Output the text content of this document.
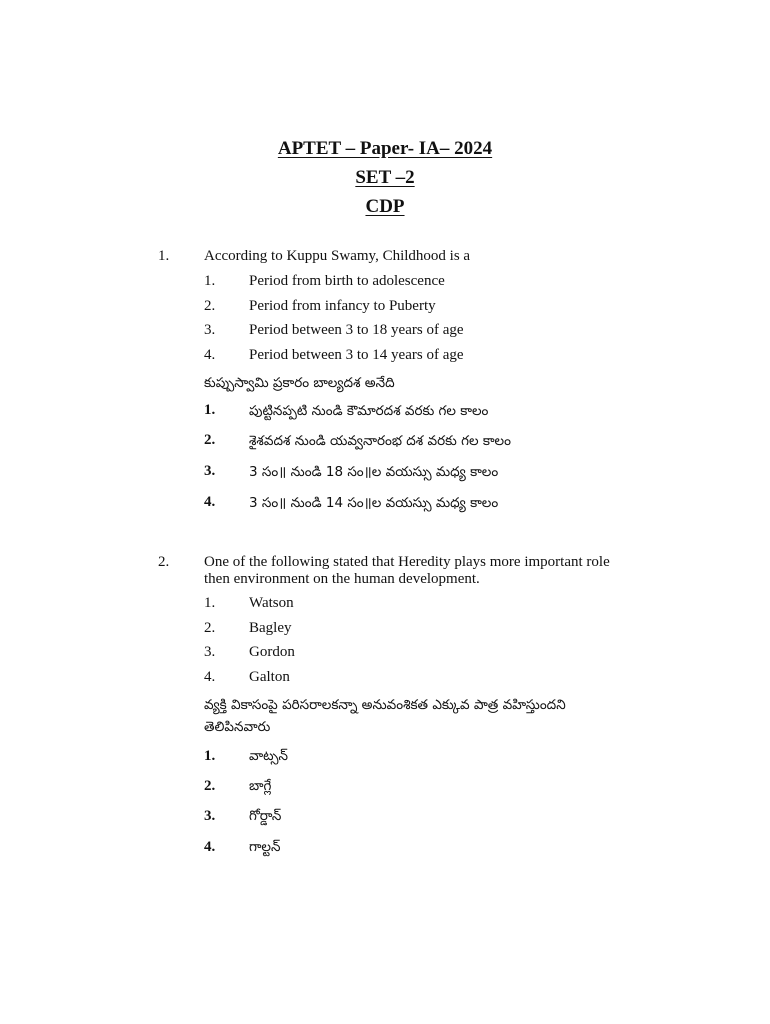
APTET – Paper- IA– 2024
SET –2
CDP
1. According to Kuppu Swamy, Childhood is a
1. Period from birth to adolescence
2. Period from infancy to Puberty
3. Period between 3 to 18 years of age
4. Period between 3 to 14 years of age
కుప్పుస్వామి ప్రకారం బాల్యదశ అనేది
1.	పుట్టినప్పటి నుండి కౌమారదశ వరకు గల కాలం
2.	శైశవదశ నుండి యవ్వనారంభ దశ వరకు గల కాలం
3.	3 సం॥ నుండి 18 సం॥ల వయస్సు మధ్య కాలం
4.	3 సం॥ నుండి 14 సం॥ల వయస్సు మధ్య కాలం
2. One of the following stated that Heredity plays more important role then environment on the human development.
1. Watson
2. Bagley
3. Gordon
4. Galton
వ్యక్తి వికాసంపై పరిసరాలకన్నా అనువంశికత ఎక్కువ పాత్ర వహిస్తుందని తెలిపినవారు
1.	వాట్సన్
2.	బాగ్లే
3.	గోర్డాన్
4.	గాల్టన్
